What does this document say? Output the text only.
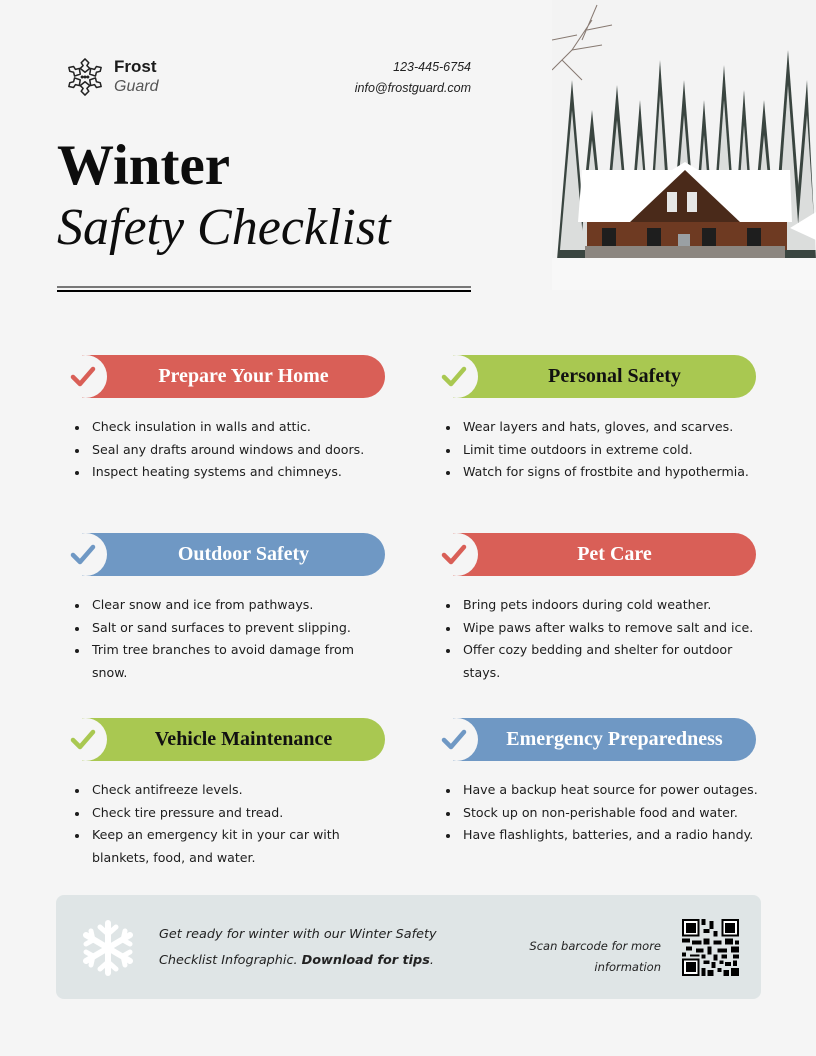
Frost
Guard
123-445-6754
info@frostguard.com
Winter
Safety Checklist
Prepare Your Home
Check insulation in walls and attic.
Seal any drafts around windows and doors.
Inspect heating systems and chimneys.
Personal Safety
Wear layers and hats, gloves, and scarves.
Limit time outdoors in extreme cold.
Watch for signs of frostbite and hypothermia.
Outdoor Safety
Clear snow and ice from pathways.
Salt or sand surfaces to prevent slipping.
Trim tree branches to avoid damage from snow.
Pet Care
Bring pets indoors during cold weather.
Wipe paws after walks to remove salt and ice.
Offer cozy bedding and shelter for outdoor stays.
Vehicle Maintenance
Check antifreeze levels.
Check tire pressure and tread.
Keep an emergency kit in your car with blankets, food, and water.
Emergency Preparedness
Have a backup heat source for power outages.
Stock up on non-perishable food and water.
Have flashlights, batteries, and a radio handy.
Get ready for winter with our Winter Safety Checklist Infographic. Download for tips.
Scan barcode for more information
